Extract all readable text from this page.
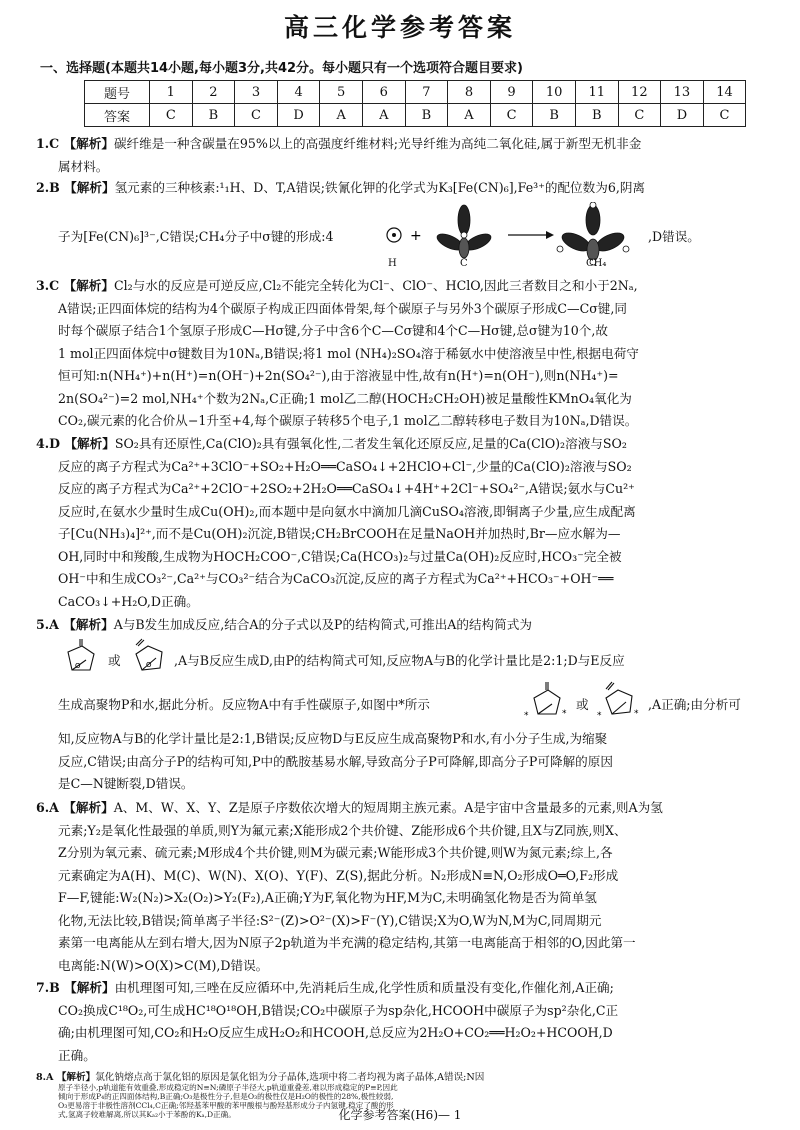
高三化学参考答案
一、选择题(本题共14小题,每小题3分,共42分。每小题只有一个选项符合题目要求)
题号	1	2	3	4	5	6	7	8	9	10	11	12	13	14
答案	C	B	C	D	A	A	B	A	C	B	B	C	D	C
1.C 【解析】碳纤维是一种含碳量在95%以上的高强度纤维材料;光导纤维为高纯二氧化硅,属于新型无机非金
属材料。
2.B 【解析】氢元素的三种核素:¹₁H、D、T,A错误;铁氰化钾的化学式为K₃[Fe(CN)₆],Fe³⁺的配位数为6,阴离
子为[Fe(CN)₆]³⁻,C错误;CH₄分子中σ键的形成:4	+	,D错误。
H	C	CH₄
3.C 【解析】Cl₂与水的反应是可逆反应,Cl₂不能完全转化为Cl⁻、ClO⁻、HClO,因此三者数目之和小于2Nₐ,
A错误;正四面体烷的结构为4个碳原子构成正四面体骨架,每个碳原子与另外3个碳原子形成C—Cσ键,同
时每个碳原子结合1个氢原子形成C—Hσ键,分子中含6个C—Cσ键和4个C—Hσ键,总σ键为10个,故
1 mol正四面体烷中σ键数目为10Nₐ,B错误;将1 mol (NH₄)₂SO₄溶于稀氨水中使溶液呈中性,根据电荷守
恒可知:n(NH₄⁺)+n(H⁺)=n(OH⁻)+2n(SO₄²⁻),由于溶液显中性,故有n(H⁺)=n(OH⁻),则n(NH₄⁺)=
2n(SO₄²⁻)=2 mol,NH₄⁺个数为2Nₐ,C正确;1 mol乙二醇(HOCH₂CH₂OH)被足量酸性KMnO₄氧化为
CO₂,碳元素的化合价从−1升至+4,每个碳原子转移5个电子,1 mol乙二醇转移电子数目为10Nₐ,D错误。
4.D 【解析】SO₂具有还原性,Ca(ClO)₂具有强氧化性,二者发生氧化还原反应,足量的Ca(ClO)₂溶液与SO₂
反应的离子方程式为Ca²⁺+3ClO⁻+SO₂+H₂O══CaSO₄↓+2HClO+Cl⁻,少量的Ca(ClO)₂溶液与SO₂
反应的离子方程式为Ca²⁺+2ClO⁻+2SO₂+2H₂O══CaSO₄↓+4H⁺+2Cl⁻+SO₄²⁻,A错误;氨水与Cu²⁺
反应时,在氨水少量时生成Cu(OH)₂,而本题中是向氨水中滴加几滴CuSO₄溶液,即铜离子少量,应生成配离
子[Cu(NH₃)₄]²⁺,而不是Cu(OH)₂沉淀,B错误;CH₂BrCOOH在足量NaOH并加热时,Br—应水解为—
OH,同时中和羧酸,生成物为HOCH₂COO⁻,C错误;Ca(HCO₃)₂与过量Ca(OH)₂反应时,HCO₃⁻完全被
OH⁻中和生成CO₃²⁻,Ca²⁺与CO₃²⁻结合为CaCO₃沉淀,反应的离子方程式为Ca²⁺+HCO₃⁻+OH⁻══
CaCO₃↓+H₂O,D正确。
5.A 【解析】A与B发生加成反应,结合A的分子式以及P的结构简式,可推出A的结构简式为
O 或	O ,A与B反应生成D,由P的结构简式可知,反应物A与B的化学计量比是2:1;D与E反应
生成高聚物P和水,据此分析。反应物A中有手性碳原子,如图中*所示
*	*
或
*	*
,A正确;由分析可
知,反应物A与B的化学计量比是2:1,B错误;反应物D与E反应生成高聚物P和水,有小分子生成,为缩聚
反应,C错误;由高分子P的结构可知,P中的酰胺基易水解,导致高分子P可降解,即高分子P可降解的原因
是C—N键断裂,D错误。
6.A 【解析】A、M、W、X、Y、Z是原子序数依次增大的短周期主族元素。A是宇宙中含量最多的元素,则A为氢
元素;Y₂是氧化性最强的单质,则Y为氟元素;X能形成2个共价键、Z能形成6个共价键,且X与Z同族,则X、
Z分别为氧元素、硫元素;M形成4个共价键,则M为碳元素;W能形成3个共价键,则W为氮元素;综上,各
元素确定为A(H)、M(C)、W(N)、X(O)、Y(F)、Z(S),据此分析。N₂形成N≡N,O₂形成O═O,F₂形成
F—F,键能:W₂(N₂)>X₂(O₂)>Y₂(F₂),A正确;Y为F,氧化物为HF,M为C,未明确氢化物是否为简单氢
化物,无法比较,B错误;简单离子半径:S²⁻(Z)>O²⁻(X)>F⁻(Y),C错误;X为O,W为N,M为C,同周期元
素第一电离能从左到右增大,因为N原子2p轨道为半充满的稳定结构,其第一电离能高于相邻的O,因此第一
电离能:N(W)>O(X)>C(M),D错误。
7.B 【解析】由机理图可知,三唑在反应循环中,先消耗后生成,化学性质和质量没有变化,作催化剂,A正确;
CO₂换成C¹⁸O₂,可生成HC¹⁸O¹⁸OH,B错误;CO₂中碳原子为sp杂化,HCOOH中碳原子为sp²杂化,C正
确;由机理图可知,CO₂和H₂O反应生成H₂O₂和HCOOH,总反应为2H₂O+CO₂══H₂O₂+HCOOH,D
正确。
8.A 【解析】氯化钠熔点高于氯化铝的原因是氯化铝为分子晶体,选项中将二者均视为离子晶体,A错误;N因
原子半径小,p轨道能有效重叠,形成稳定的N≡N;磷原子半径大,p轨道重叠差,难以形成稳定的P≡P,因此
倾向于形成P₄的正四面体结构,B正确;O₃是极性分子,但是O₃的极性仅是H₂O的极性的28%,极性较弱,
O₃更易溶于非极性溶剂CCl₄,C正确;邻羟基苯甲酸的苯甲酸根与酚羟基形成分子内氢键,稳定了酸的形
式,氢离子较难解离,所以其Kₐ₂小于苯酚的Kₐ,D正确。	化学参考答案(H6)— 1
